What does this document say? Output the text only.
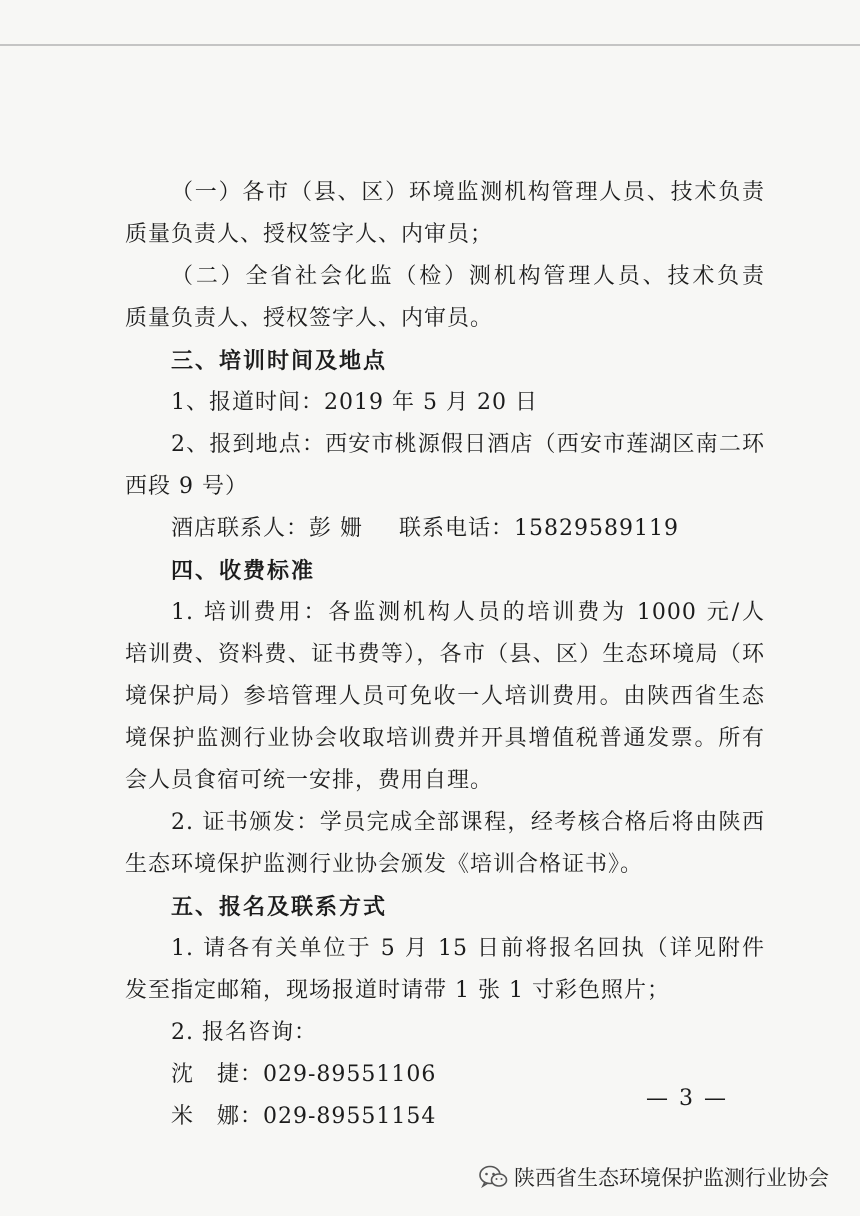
（一）各市（县、区）环境监测机构管理人员、技术负责
质量负责人、授权签字人、内审员；
（二）全省社会化监（检）测机构管理人员、技术负责
质量负责人、授权签字人、内审员。
三、培训时间及地点
1、报道时间：2019 年 5 月 20 日
2、报到地点：西安市桃源假日酒店（西安市莲湖区南二环
西段 9 号）
酒店联系人：彭 姗 联系电话：15829589119
四、收费标准
1. 培训费用：各监测机构人员的培训费为 1000 元/人
培训费、资料费、证书费等），各市（县、区）生态环境局（环
境保护局）参培管理人员可免收一人培训费用。由陕西省生态
境保护监测行业协会收取培训费并开具增值税普通发票。所有
会人员食宿可统一安排，费用自理。
2. 证书颁发：学员完成全部课程，经考核合格后将由陕西
生态环境保护监测行业协会颁发《培训合格证书》。
五、报名及联系方式
1. 请各有关单位于 5 月 15 日前将报名回执（详见附件
发至指定邮箱，现场报道时请带 1 张 1 寸彩色照片；
2. 报名咨询：
沈　捷：029-89551106
米　娜：029-89551154
— 3 —
陕西省生态环境保护监测行业协会
